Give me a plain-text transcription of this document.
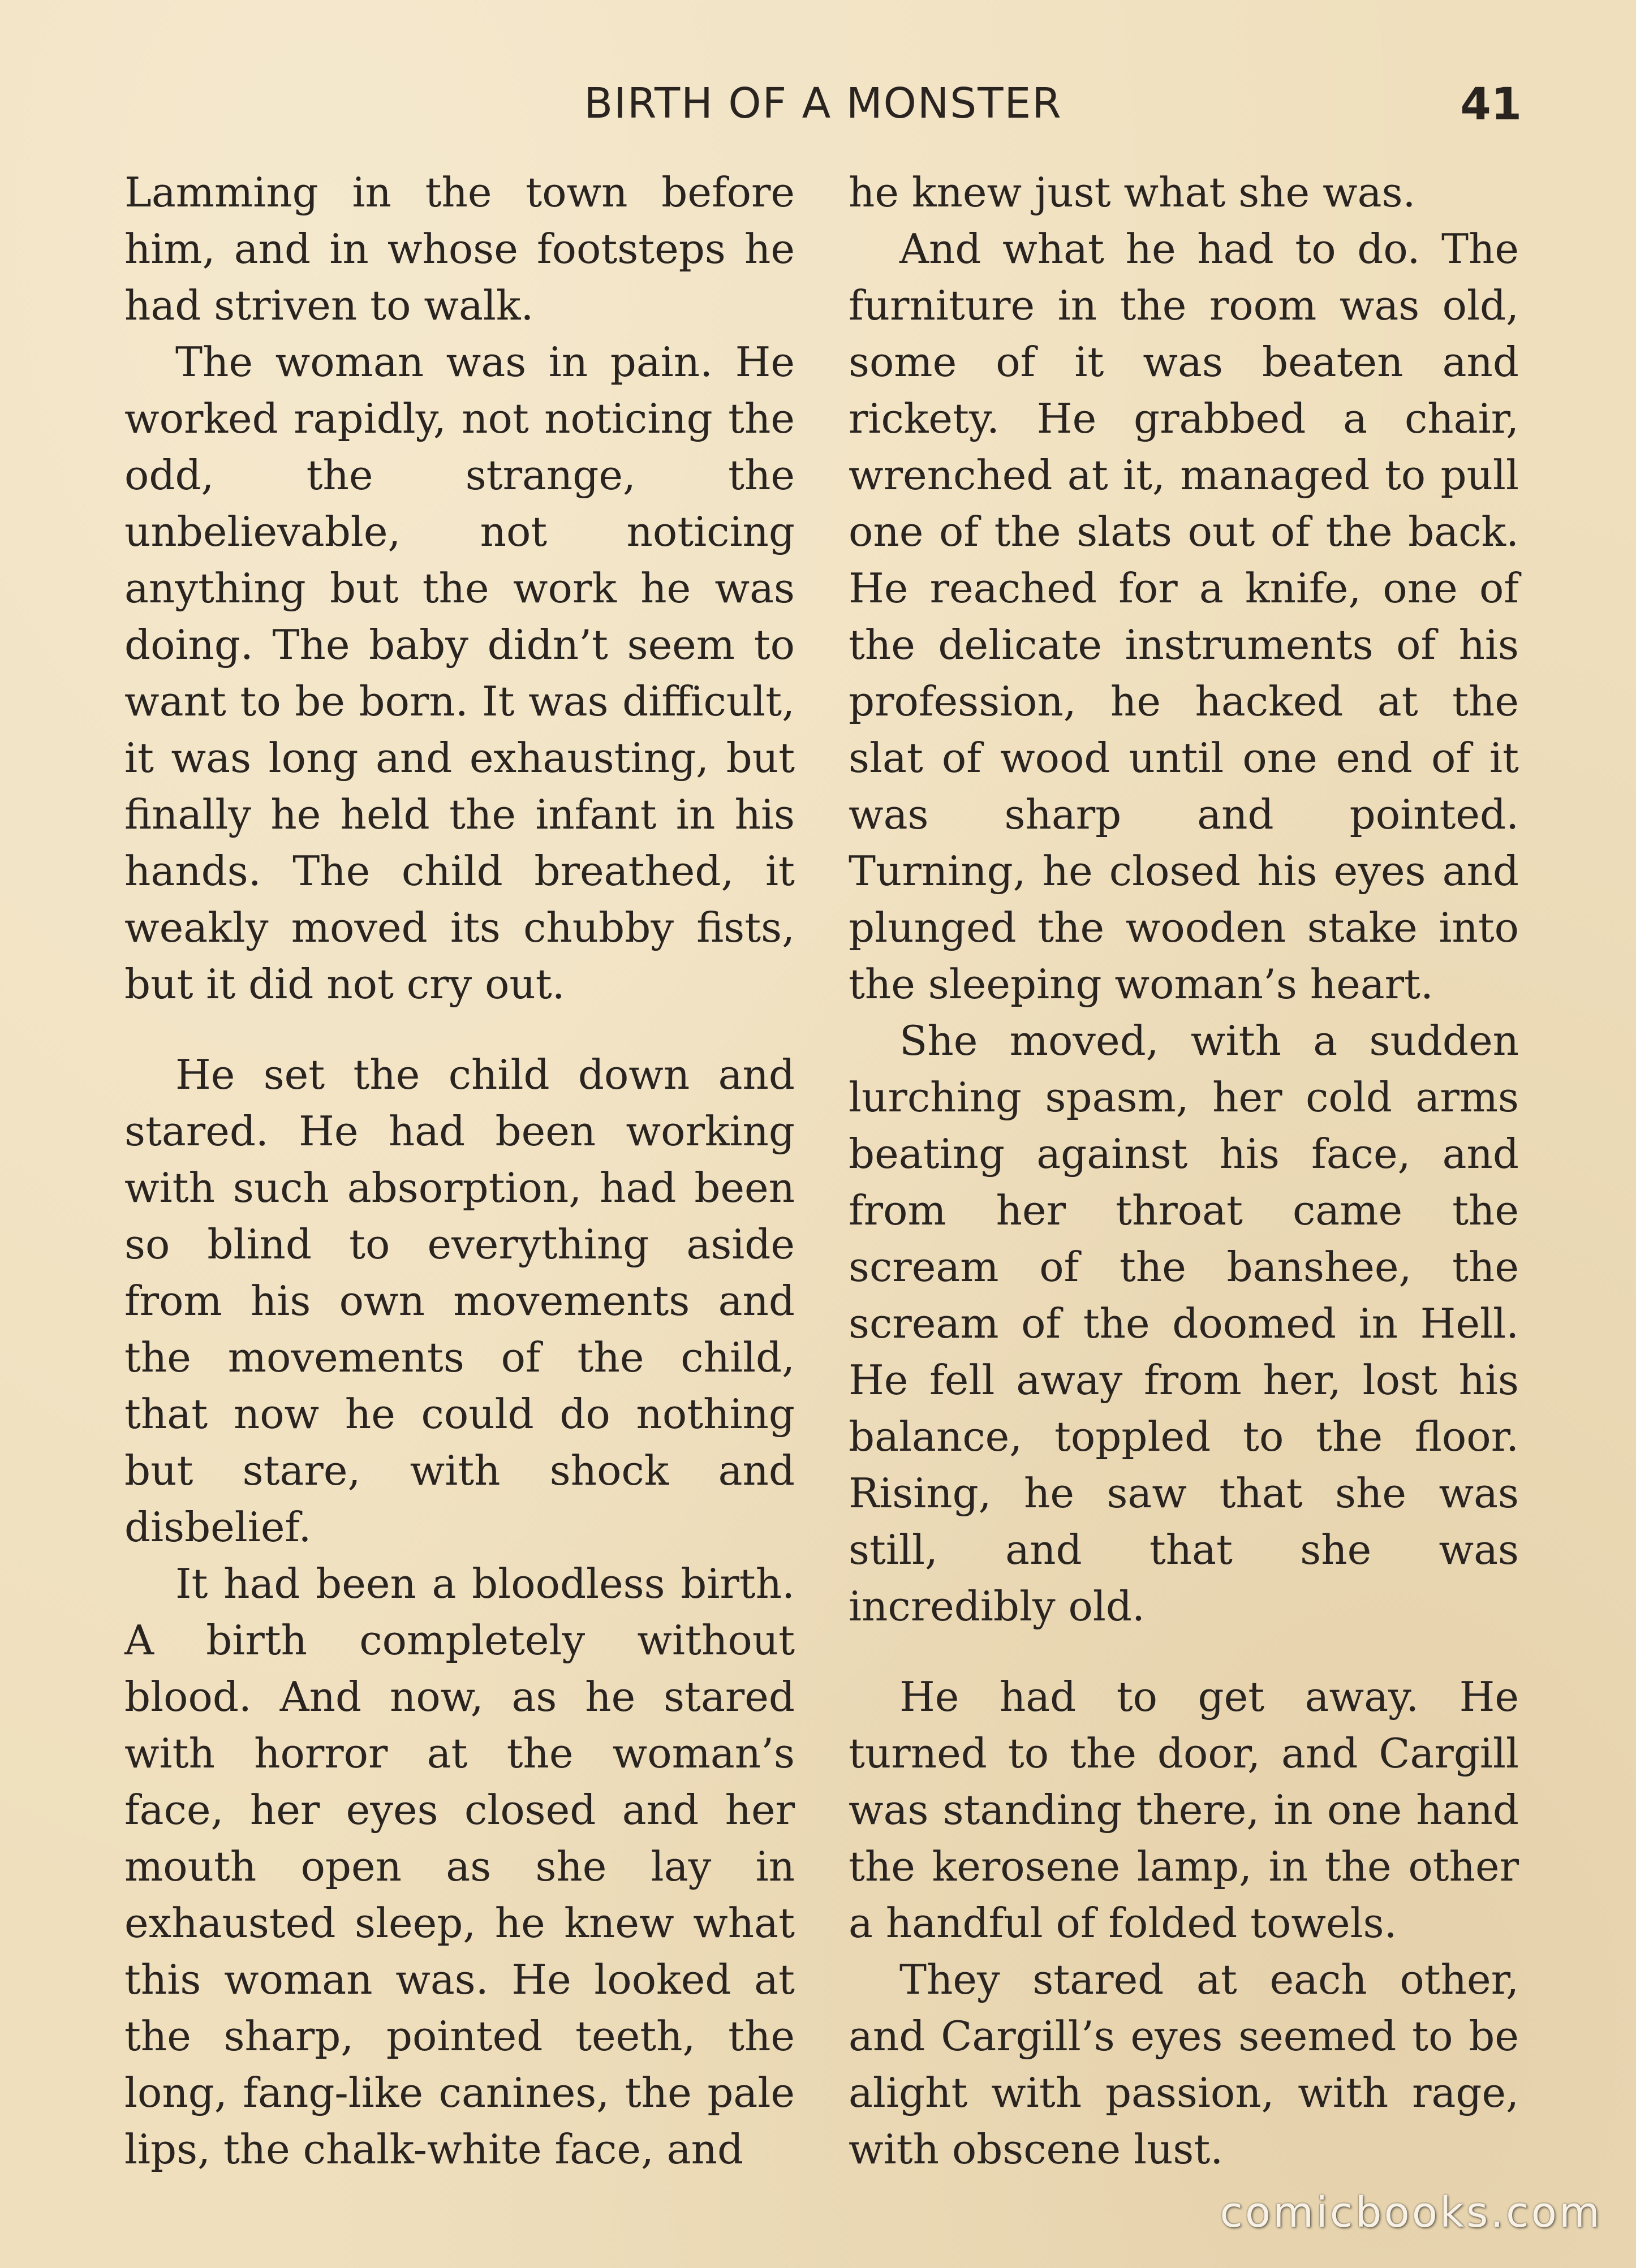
BIRTH OF A MONSTER	41

Lamming in the town before him, and in whose footsteps he had striven to walk.

The woman was in pain. He worked rapidly, not noticing the odd, the strange, the unbelievable, not noticing anything but the work he was doing. The baby didn’t seem to want to be born. It was difficult, it was long and exhausting, but finally he held the infant in his hands. The child breathed, it weakly moved its chubby fists, but it did not cry out.

He set the child down and stared. He had been working with such absorption, had been so blind to everything aside from his own movements and the movements of the child, that now he could do nothing but stare, with shock and disbelief.

It had been a bloodless birth. A birth completely without blood. And now, as he stared with horror at the woman’s face, her eyes closed and her mouth open as she lay in exhausted sleep, he knew what this woman was. He looked at the sharp, pointed teeth, the long, fang-like canines, the pale lips, the chalk-white face, and

he knew just what she was.

And what he had to do. The furniture in the room was old, some of it was beaten and rickety. He grabbed a chair, wrenched at it, managed to pull one of the slats out of the back. He reached for a knife, one of the delicate instruments of his profession, he hacked at the slat of wood until one end of it was sharp and pointed. Turning, he closed his eyes and plunged the wooden stake into the sleeping woman’s heart.

She moved, with a sudden lurching spasm, her cold arms beating against his face, and from her throat came the scream of the banshee, the scream of the doomed in Hell. He fell away from her, lost his balance, toppled to the floor. Rising, he saw that she was still, and that she was incredibly old.

He had to get away. He turned to the door, and Cargill was standing there, in one hand the kerosene lamp, in the other a handful of folded towels.

They stared at each other, and Cargill’s eyes seemed to be alight with passion, with rage, with obscene lust.

comicbooks.com
